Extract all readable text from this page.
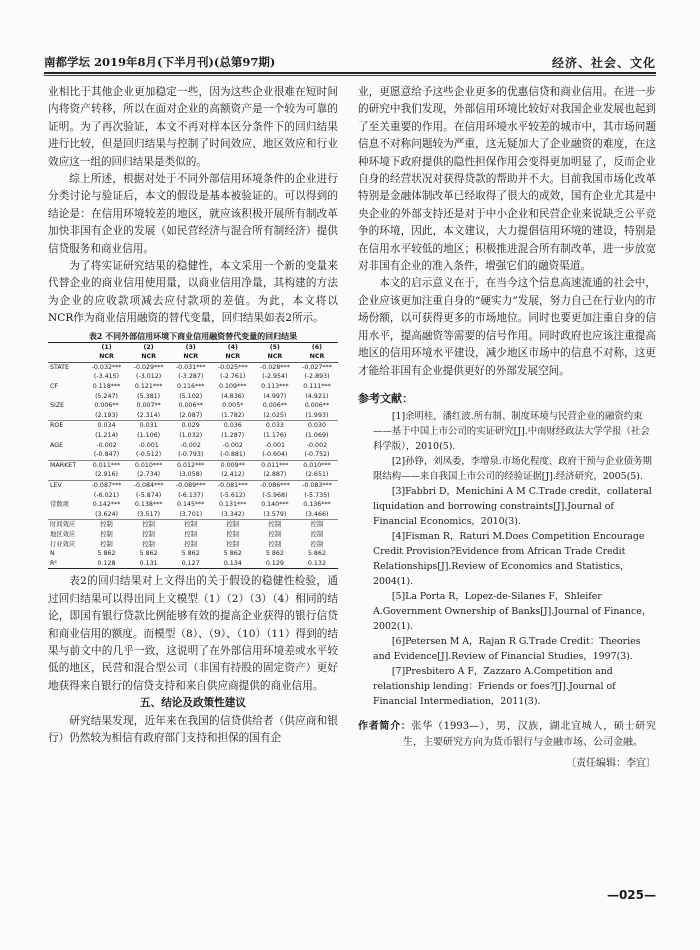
南都学坛 2019年8月(下半月刊)(总第97期)	经济、社会、文化

业相比于其他企业更加稳定一些，因为这些企业很难在短时间内将资产转移，所以在面对企业的高额资产是一个较为可靠的证明。为了再次验证，本文不再对样本区分条件下的回归结果进行比较，但是回归结果与控制了时间效应、地区效应和行业效应这一组的回归结果是类似的。

综上所述，根据对处于不同外部信用环境条件的企业进行分类讨论与验证后，本文的假设是基本被验证的。可以得到的结论是：在信用环境较差的地区，就应该积极开展所有制改革加快非国有企业的发展（如民营经济与混合所有制经济）提供信贷服务和商业信用。

为了将实证研究结果的稳健性，本文采用一个新的变量来代替企业的商业信用使用量，以商业信用净量，其构建的方法为企业的应收款项减去应付款项的差值。为此，本文将以NCR作为商业信用融资的替代变量，回归结果如表2所示。

表2 不同外部信用环境下商业信用融资替代变量的回归结果
	(1)	(2)	(3)	(4)	(5)	(6)
	NCR	NCR	NCR	NCR	NCR	NCR
STATE	-0.032***	-0.029***	-0.031***	-0.025***	-0.028***	-0.027***
	(-3.415)	(-3.012)	(-3.287)	(-2.761)	(-2.954)	(-2.893)
CF	0.118***	0.121***	0.116***	0.109***	0.113***	0.111***
	(5.247)	(5.381)	(5.102)	(4.836)	(4.997)	(4.921)
SIZE	0.006**	0.007**	0.006**	0.005*	0.006**	0.006**
	(2.193)	(2.314)	(2.087)	(1.782)	(2.025)	(1.993)
ROE	0.034	0.031	0.029	0.036	0.033	0.030
	(1.214)	(1.106)	(1.032)	(1.287)	(1.176)	(1.069)
AGE	-0.002	-0.001	-0.002	-0.002	-0.001	-0.002
	(-0.847)	(-0.512)	(-0.793)	(-0.881)	(-0.604)	(-0.752)
MARKET	0.011***	0.010***	0.012***	0.009**	0.011***	0.010***
	(2.916)	(2.734)	(3.058)	(2.412)	(2.887)	(2.651)
LEV	-0.087***	-0.084***	-0.089***	-0.081***	-0.086***	-0.083***
	(-6.021)	(-5.874)	(-6.137)	(-5.612)	(-5.968)	(-5.735)
常数项	0.142***	0.138***	0.145***	0.131***	0.140***	0.136***
	(3.624)	(3.517)	(3.701)	(3.342)	(3.579)	(3.466)
时间效应	控制	控制	控制	控制	控制	控制
地区效应	控制	控制	控制	控制	控制	控制
行业效应	控制	控制	控制	控制	控制	控制
N	5 862	5 862	5 862	5 862	5 862	5 862
R²	0.128	0.131	0.127	0.134	0.129	0.132

表2的回归结果对上文得出的关于假设的稳健性检验，通过回归结果可以得出同上文模型（1）（2）（3）（4）相同的结论，即国有银行贷款比例能够有效的提高企业获得的银行信贷和商业信用的额度。而模型（8）、（9）、（10）（11）得到的结果与前文中的几乎一致，这说明了在外部信用环境差或水平较低的地区，民营和混合型公司（非国有持股的固定资产）更好地获得来自银行的信贷支持和来自供应商提供的商业信用。

五、结论及政策性建议

研究结果发现，近年来在我国的信贷供给者（供应商和银行）仍然较为相信有政府部门支持和担保的国有企

业，更愿意给予这些企业更多的优惠信贷和商业信用。在进一步的研究中我们发现，外部信用环境比较好对我国企业发展也起到了至关重要的作用。在信用环境水平较差的城市中，其市场问题信息不对称问题较为严重，这无疑加大了企业融资的难度，在这种环境下政府提供的隐性担保作用会变得更加明显了，反而企业自身的经营状况对获得贷款的帮助并不大。目前我国市场化改革特别是金融体制改革已经取得了很大的成效，国有企业尤其是中央企业的外部支持还是对于中小企业和民营企业来说缺乏公平竞争的环境，因此，本文建议，大力提倡信用环境的建设，特别是在信用水平较低的地区；积极推进混合所有制改革，进一步放宽对非国有企业的准入条件，增强它们的融资渠道。

本文的启示意义在于，在当今这个信息高速流通的社会中，企业应该更加注重自身的“硬实力”发展，努力自己在行业内的市场份额，以可获得更多的市场地位。同时也要更加注重自身的信用水平，提高融资等需要的信号作用。同时政府也应该注重提高地区的信用环境水平建设，减少地区市场中的信息不对称，这更才能给非国有企业提供更好的外部发展空间。

参考文献：

[1]余明桂，潘红波.所有制、制度环境与民营企业的融资约束——基于中国上市公司的实证研究[J].中南财经政法大学学报（社会科学版），2010(5).

[2]孙铮，刘凤委，李增泉.市场化程度、政府干预与企业债务期限结构——来自我国上市公司的经验证据[J].经济研究，2005(5).

[3]Fabbri D，Menichini A M C.Trade credit，collateral liquidation and borrowing constraints[J].Journal of Financial Economics，2010(3).

[4]Fisman R，Raturi M.Does Competition Encourage Credit Provision?Evidence from African Trade Credit Relationships[J].Review of Economics and Statistics，2004(1).

[5]La Porta R，Lopez-de-Silanes F，Shleifer A.Government Ownership of Banks[J].Journal of Finance，2002(1).

[6]Petersen M A，Rajan R G.Trade Credit：Theories and Evidence[J].Review of Financial Studies，1997(3).

[7]Presbitero A F，Zazzaro A.Competition and relationship lending：Friends or foes?[J].Journal of Financial Intermediation，2011(3).

作者简介：张华（1993—），男，汉族，湖北宜城人，硕士研究生，主要研究方向为货币银行与金融市场、公司金融。
〔责任编辑：李宜〕
—025—
